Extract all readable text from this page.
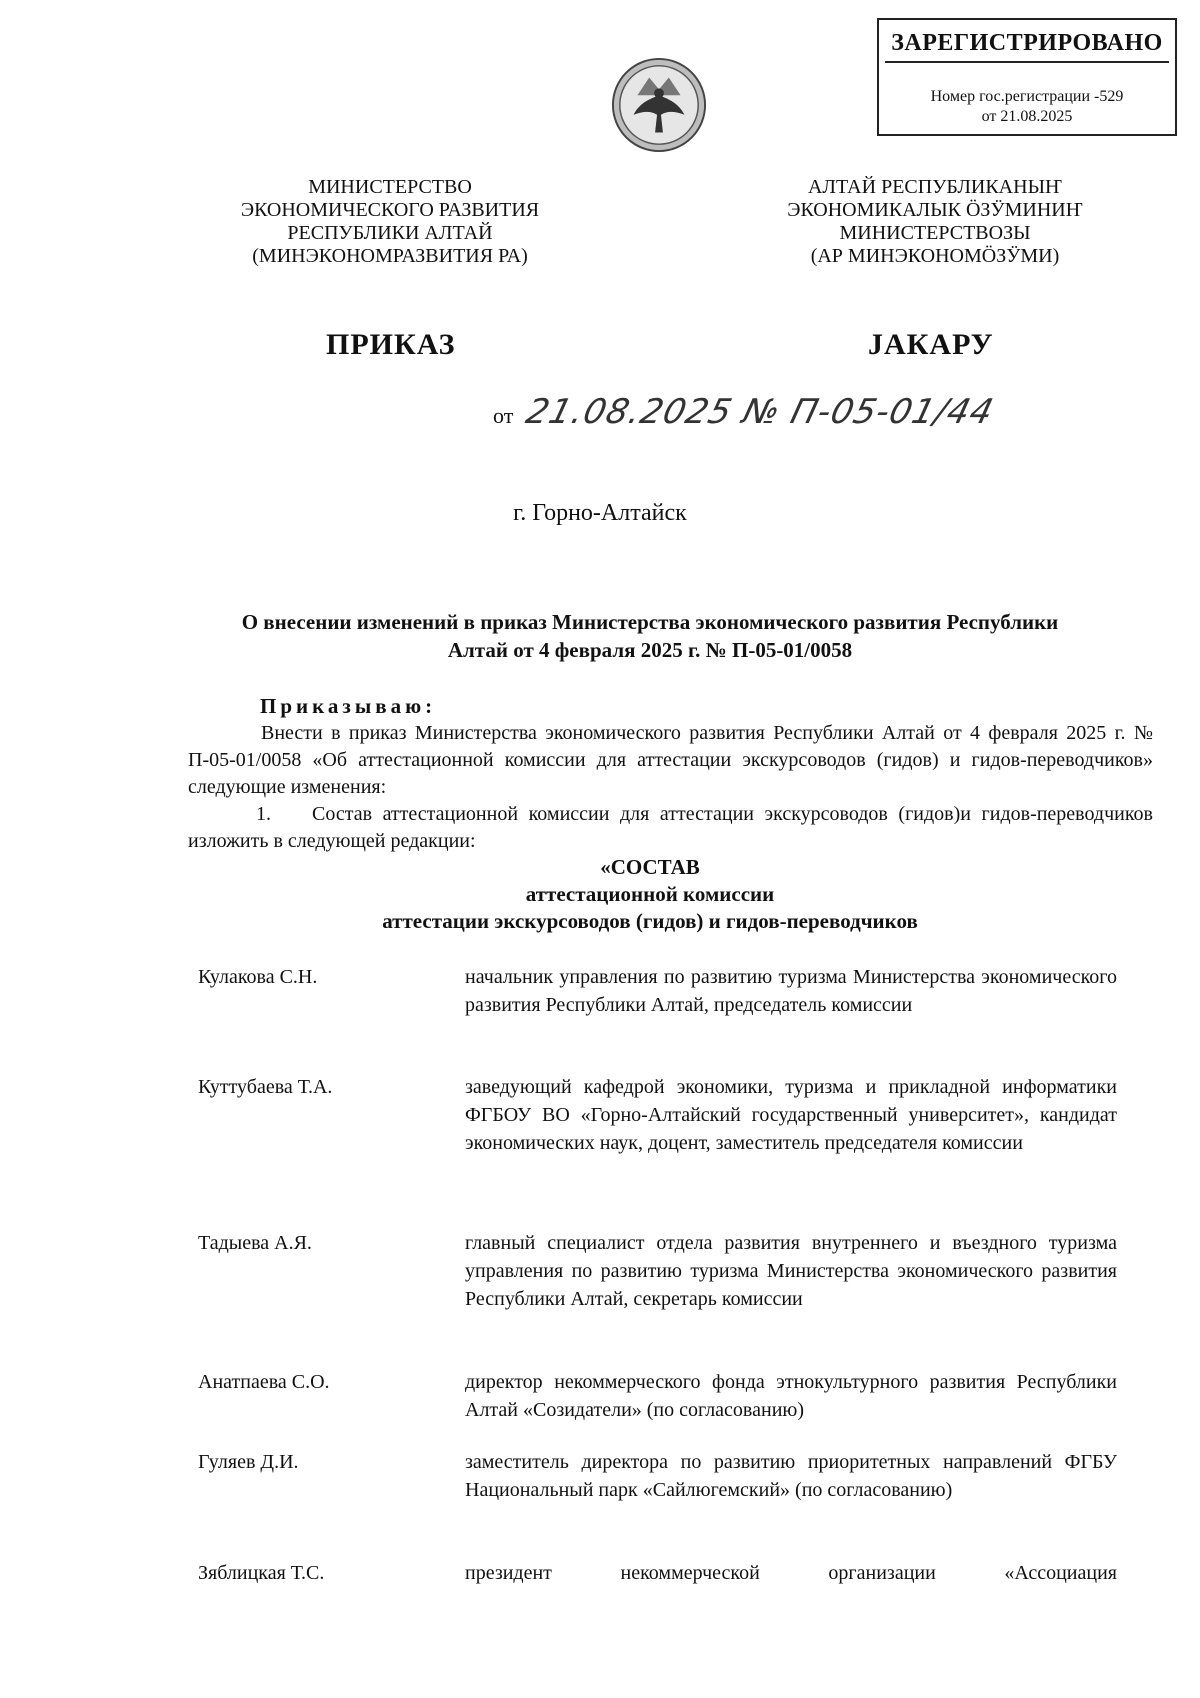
ЗАРЕГИСТРИРОВАНО
Номер гос.регистрации -529
от 21.08.2025
МИНИСТЕРСТВО
ЭКОНОМИЧЕСКОГО РАЗВИТИЯ
РЕСПУБЛИКИ АЛТАЙ
(МИНЭКОНОМРАЗВИТИЯ РА)
АЛТАЙ РЕСПУБЛИКАНЫҤ
ЭКОНОМИКАЛЫК ӦЗӰМИНИҤ
МИНИСТЕРСТВОЗЫ
(АР МИНЭКОНОМӦЗӰМИ)
ПРИКАЗ	ЈАКАРУ
от 21.08.2025 № П-05-01/44
г. Горно-Алтайск
О внесении изменений в приказ Министерства экономического развития Республики
Алтай от 4 февраля 2025 г. № П-05-01/0058
Приказываю:
Внести в приказ Министерства экономического развития Республики Алтай от 4 февраля 2025 г. № П-05-01/0058 «Об аттестационной комиссии для аттестации экскурсоводов (гидов) и гидов-переводчиков» следующие изменения:
1. Состав аттестационной комиссии для аттестации экскурсоводов (гидов)и гидов-переводчиков изложить в следующей редакции:
«СОСТАВ
аттестационной комиссии
аттестации экскурсоводов (гидов) и гидов-переводчиков
Кулакова С.Н.	начальник управления по развитию туризма Министерства экономического развития Республики Алтай, председатель комиссии
Куттубаева Т.А.	заведующий кафедрой экономики, туризма и прикладной информатики ФГБОУ ВО «Горно-Алтайский государственный университет», кандидат экономических наук, доцент, заместитель председателя комиссии
Тадыева А.Я.	главный специалист отдела развития внутреннего и въездного туризма управления по развитию туризма Министерства экономического развития Республики Алтай, секретарь комиссии
Анатпаева С.О.	директор некоммерческого фонда этнокультурного развития Республики Алтай «Созидатели» (по согласованию)
Гуляев Д.И.	заместитель директора по развитию приоритетных направлений ФГБУ Национальный парк «Сайлюгемский» (по согласованию)
Зяблицкая Т.С.	президент некоммерческой организации «Ассоциация
